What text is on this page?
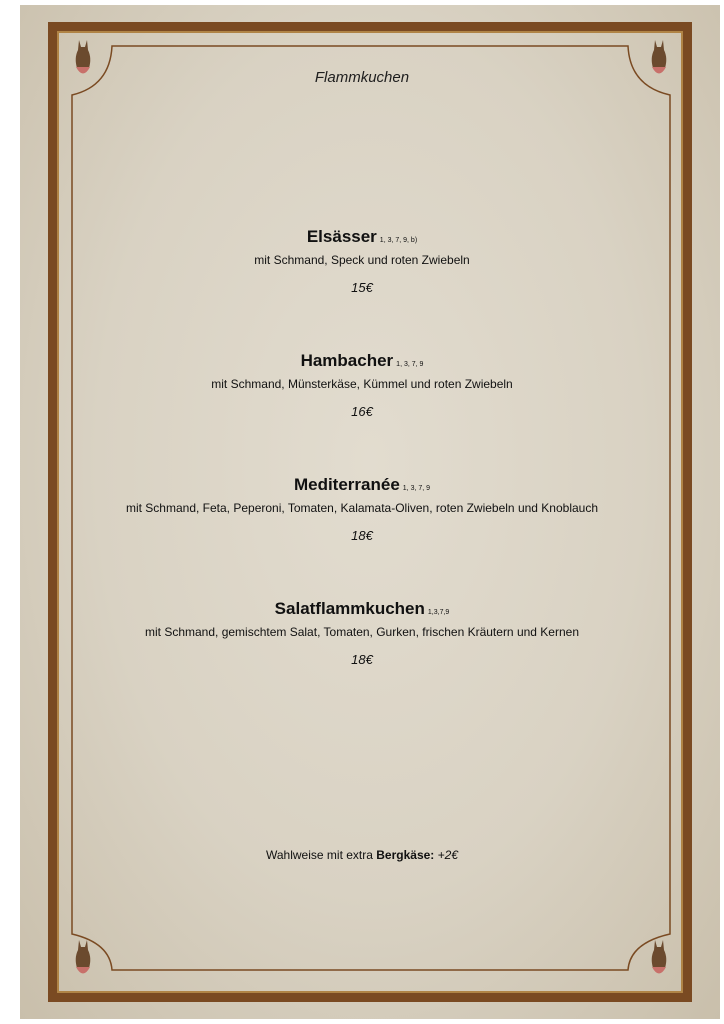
Flammkuchen
Elsässer 1, 3, 7, 9, b)
mit Schmand, Speck und roten Zwiebeln
15€
Hambacher 1, 3, 7, 9
mit Schmand, Münsterkäse, Kümmel und roten Zwiebeln
16€
Mediterranée 1, 3, 7, 9
mit Schmand, Feta, Peperoni, Tomaten, Kalamata-Oliven, roten Zwiebeln und Knoblauch
18€
Salatflammkuchen 1,3,7,9
mit Schmand, gemischtem Salat, Tomaten, Gurken, frischen Kräutern und Kernen
18€
Wahlweise mit extra Bergkäse: +2€
